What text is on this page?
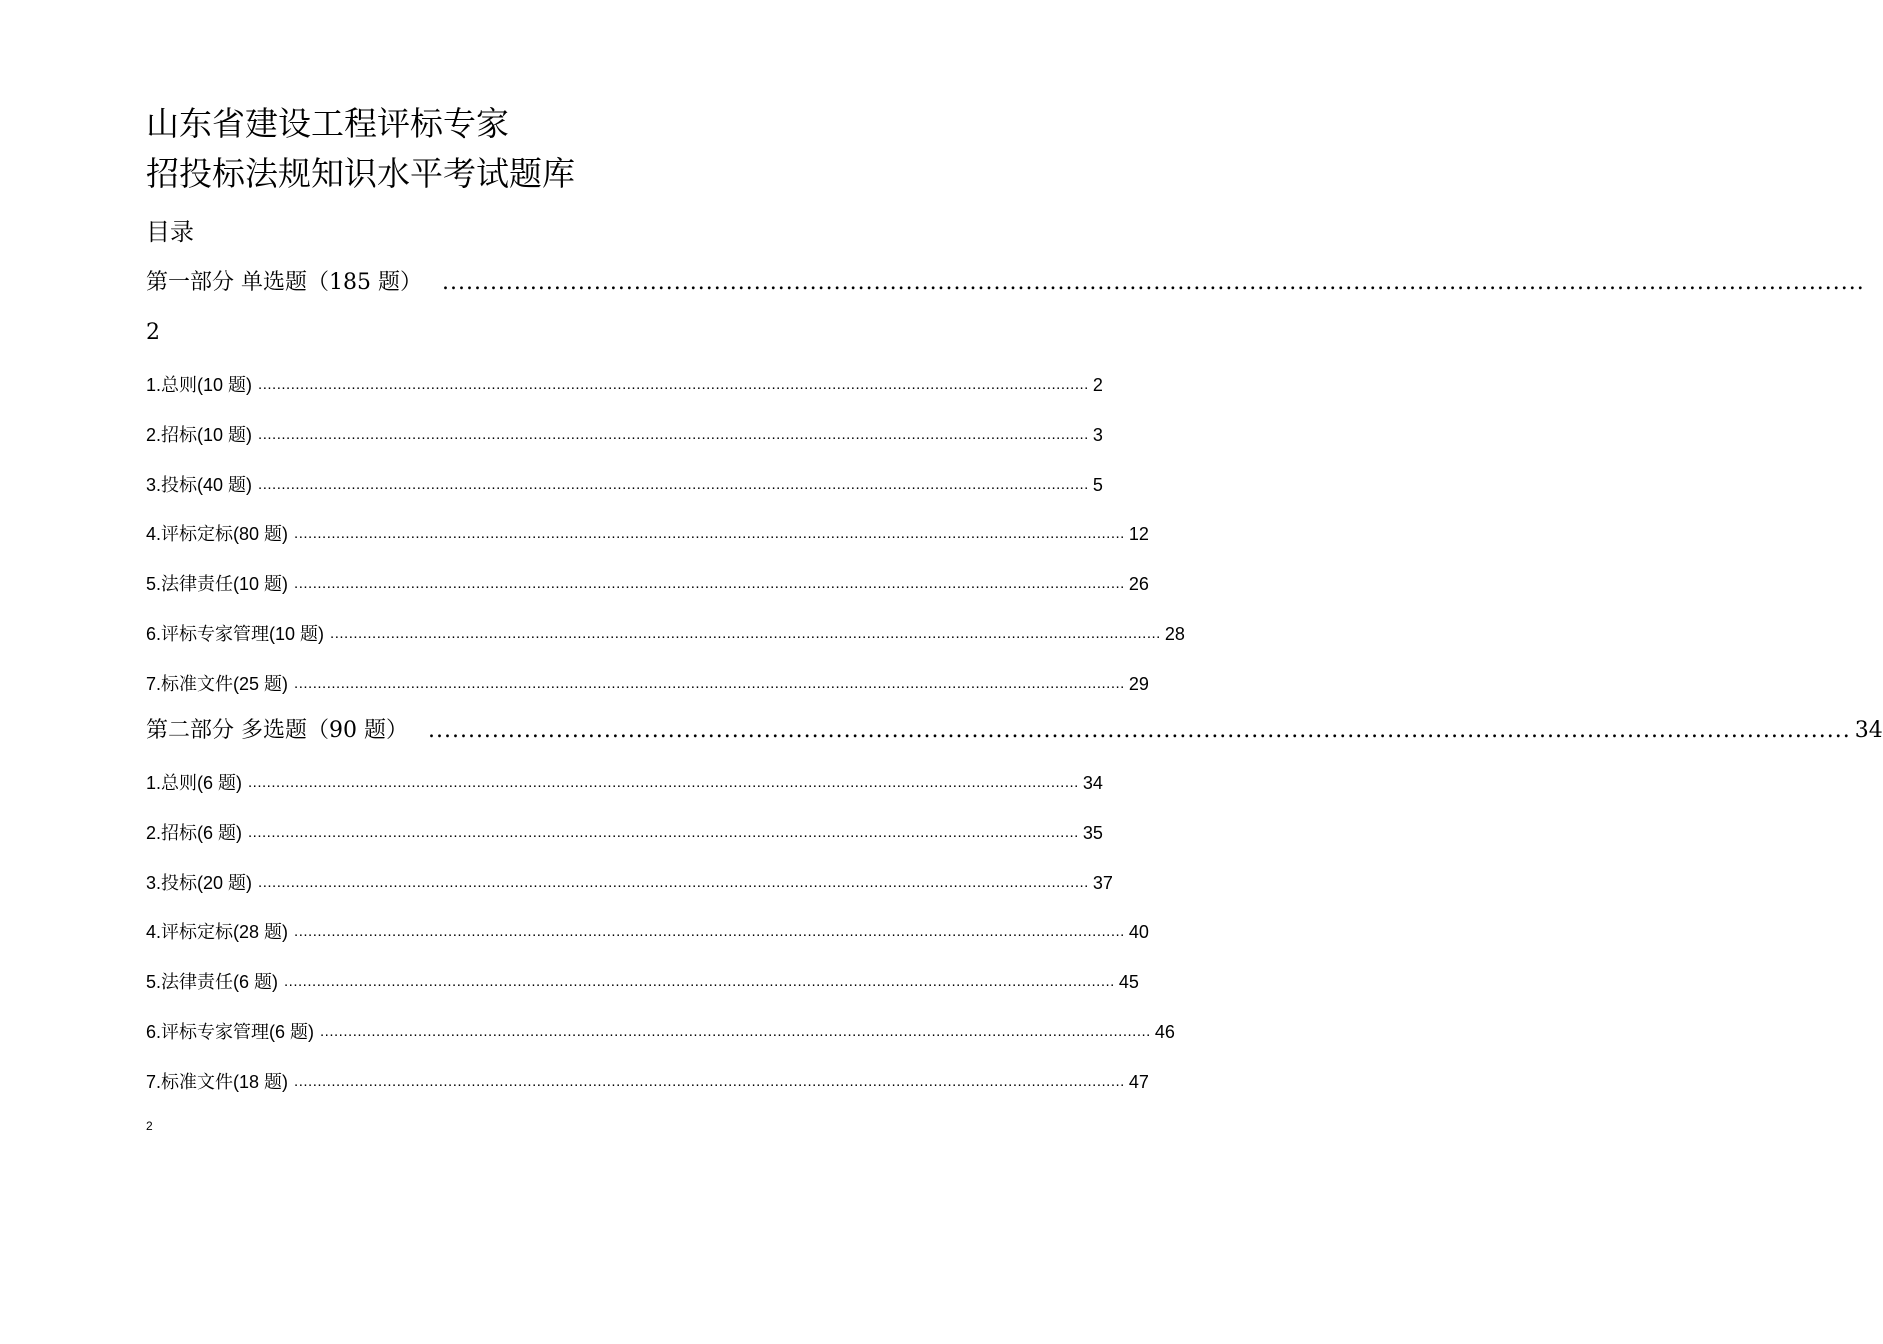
山东省建设工程评标专家
招投标法规知识水平考试题库
目录
第一部分 单选题（185 题） ..................................................................................................................................................................................
2
1.总则(10 题) .................................................................................................................................................................................. 2
2.招标(10 题) .................................................................................................................................................................................. 3
3.投标(40 题) .................................................................................................................................................................................. 5
4.评标定标(80 题) .................................................................................................................................................................................. 12
5.法律责任(10 题) .................................................................................................................................................................................. 26
6.评标专家管理(10 题) .................................................................................................................................................................................. 28
7.标准文件(25 题) .................................................................................................................................................................................. 29
第二部分 多选题（90 题） .................................................................................................................................................................................. 34
1.总则(6 题) .................................................................................................................................................................................. 34
2.招标(6 题) .................................................................................................................................................................................. 35
3.投标(20 题) .................................................................................................................................................................................. 37
4.评标定标(28 题) .................................................................................................................................................................................. 40
5.法律责任(6 题) .................................................................................................................................................................................. 45
6.评标专家管理(6 题) .................................................................................................................................................................................. 46
7.标准文件(18 题) .................................................................................................................................................................................. 47
2
